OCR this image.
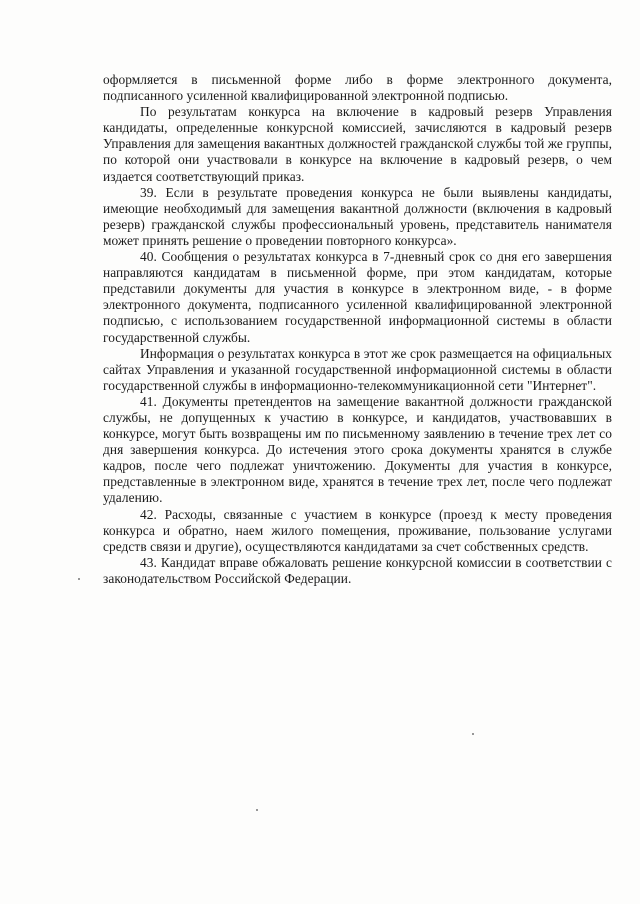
оформляется в письменной форме либо в форме электронного документа, подписанного усиленной квалифицированной электронной подписью.

По результатам конкурса на включение в кадровый резерв Управления кандидаты, определенные конкурсной комиссией, зачисляются в кадровый резерв Управления для замещения вакантных должностей гражданской службы той же группы, по которой они участвовали в конкурсе на включение в кадровый резерв, о чем издается соответствующий приказ.

39. Если в результате проведения конкурса не были выявлены кандидаты, имеющие необходимый для замещения вакантной должности (включения в кадровый резерв) гражданской службы профессиональный уровень, представитель нанимателя может принять решение о проведении повторного конкурса».

40. Сообщения о результатах конкурса в 7-дневный срок со дня его завершения направляются кандидатам в письменной форме, при этом кандидатам, которые представили документы для участия в конкурсе в электронном виде, - в форме электронного документа, подписанного усиленной квалифицированной электронной подписью, с использованием государственной информационной системы в области государственной службы.

Информация о результатах конкурса в этот же срок размещается на официальных сайтах Управления и указанной государственной информационной системы в области государственной службы в информационно-телекоммуникационной сети "Интернет".

41. Документы претендентов на замещение вакантной должности гражданской службы, не допущенных к участию в конкурсе, и кандидатов, участвовавших в конкурсе, могут быть возвращены им по письменному заявлению в течение трех лет со дня завершения конкурса. До истечения этого срока документы хранятся в службе кадров, после чего подлежат уничтожению. Документы для участия в конкурсе, представленные в электронном виде, хранятся в течение трех лет, после чего подлежат удалению.

42. Расходы, связанные с участием в конкурсе (проезд к месту проведения конкурса и обратно, наем жилого помещения, проживание, пользование услугами средств связи и другие), осуществляются кандидатами за счет собственных средств.

43. Кандидат вправе обжаловать решение конкурсной комиссии в соответствии с законодательством Российской Федерации.
